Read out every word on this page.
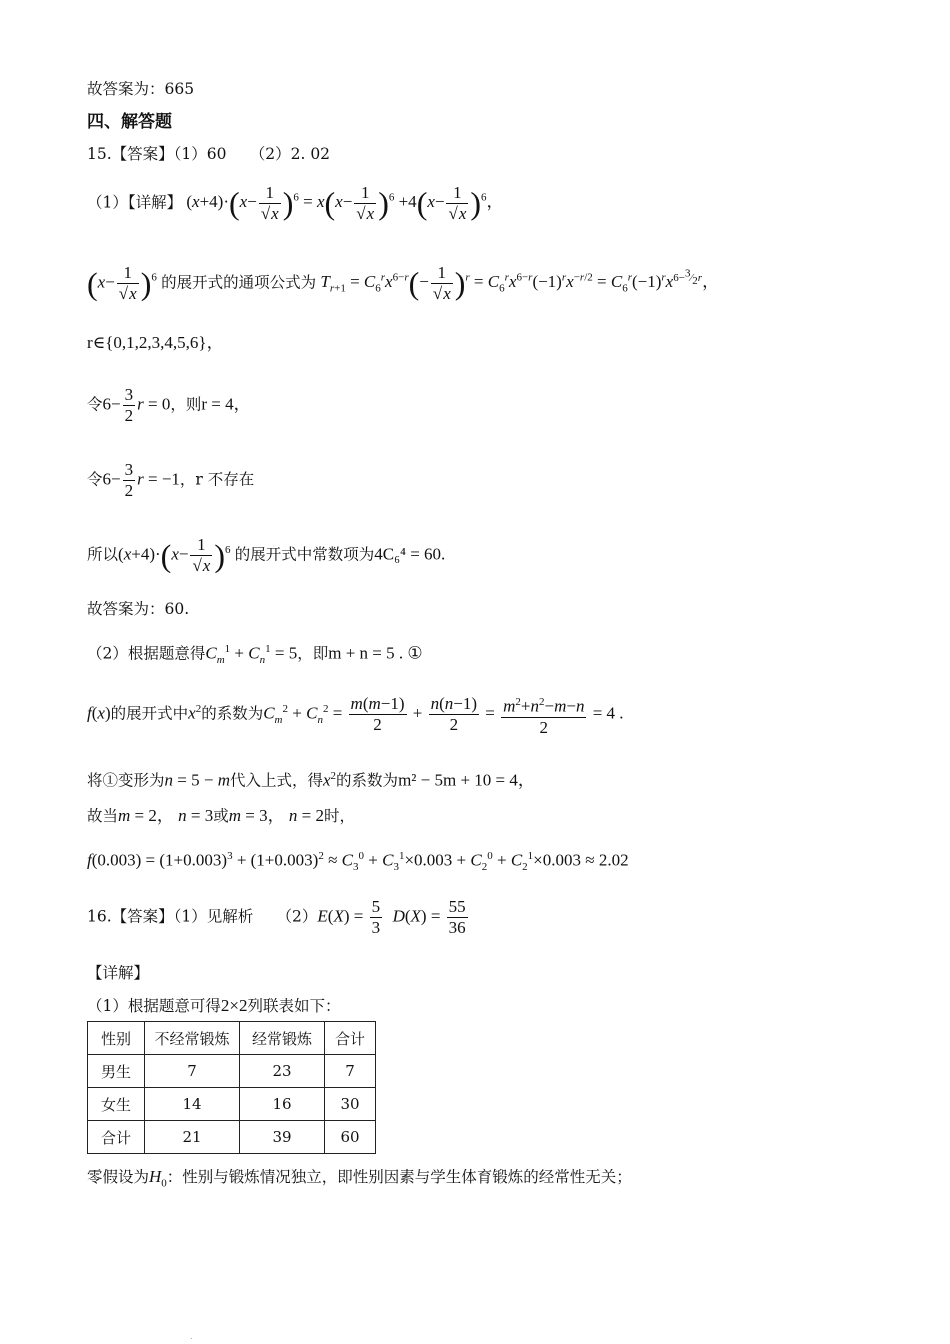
故答案为：665
四、解答题
15.【答案】（1）60　　（2）2. 02
（1）【详解】 $(x+4)\cdot(x- \frac{1}{√x} )^6 = x(x- \frac{1}{√x} )^6 +4(x- \frac{1}{√x} )^6$，
$(x- \frac{1}{√x} )^6$ 的展开式的通项公式为 $T_{r+1} = C_6^rx^{6-r}(- \frac{1}{√x} )^r = C_6^rx^{6-r}(-1)^rx^{-r/2} = C_6^r(-1)^rx^{6-^3⁄_2r}$，
r∈{0,1,2,3,4,5,6}，
令$6- \frac{3}{2}$ r = 0，则r = 4，
令$6- \frac{3}{2}$ r = −1，r 不存在
所以$(x+4)\cdot(x- \frac{1}{√x} )^6$ 的展开式中常数项为4C₆⁴ = 60.
故答案为：60.
（2）根据题意得$C_m^1 + C_n^1 = 5$，即m + n = 5 . ①
f(x)的展开式中$x^2$的系数为$C_m^2 + C_n^2 = \frac{m(m-1)}{2} + \frac{n(n-1)}{2} = \frac{m^2+n^2-m-n}{2} = 4$ .
将①变形为n = 5 − m代入上式，得$x^2$的系数为m² − 5m + 10 = 4，
故当m = 2， n = 3或m = 3， n = 2时，
$f(0.003) = (1+0.003)^3 + (1+0.003)^2 \approx C_3^0 + C_3^1\times 0.003 + C_2^0 + C_2^1\times 0.003 \approx 2.02$
16.【答案】（1）见解析　　$(2)E(X) = \frac{5}{3} D(X) = \frac{55}{36}$
【详解】
（1）根据题意可得2×2列联表如下：
性别	不经常锻炼	经常锻炼	合计
男生	7	23	7
女生	14	16	30
合计	21	39	60
零假设为$H_0$：性别与锻炼情况独立，即性别因素与学生体育锻炼的经常性无关；
.
